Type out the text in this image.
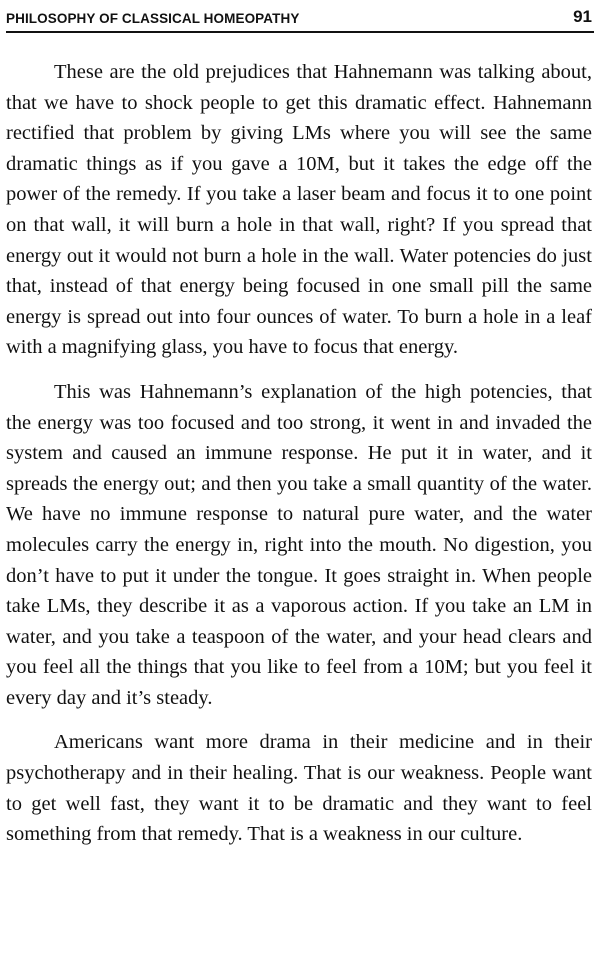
PHILOSOPHY OF CLASSICAL HOMEOPATHY	91

These are the old prejudices that Hahnemann was talking about, that we have to shock people to get this dramatic effect. Hahnemann rectified that problem by giving LMs where you will see the same dramatic things as if you gave a 10M, but it takes the edge off the power of the remedy. If you take a laser beam and focus it to one point on that wall, it will burn a hole in that wall, right? If you spread that energy out it would not burn a hole in the wall. Water potencies do just that, instead of that energy being focused in one small pill the same energy is spread out into four ounces of water. To burn a hole in a leaf with a magnifying glass, you have to focus that energy.

This was Hahnemann’s explanation of the high potencies, that the energy was too focused and too strong, it went in and invaded the system and caused an immune response. He put it in water, and it spreads the energy out; and then you take a small quantity of the water. We have no immune response to natural pure water, and the water molecules carry the energy in, right into the mouth. No digestion, you don’t have to put it under the tongue. It goes straight in. When people take LMs, they describe it as a vaporous action. If you take an LM in water, and you take a teaspoon of the water, and your head clears and you feel all the things that you like to feel from a 10M; but you feel it every day and it’s steady.

Americans want more drama in their medicine and in their psychotherapy and in their healing. That is our weakness. People want to get well fast, they want it to be dramatic and they want to feel something from that remedy. That is a weakness in our culture.
